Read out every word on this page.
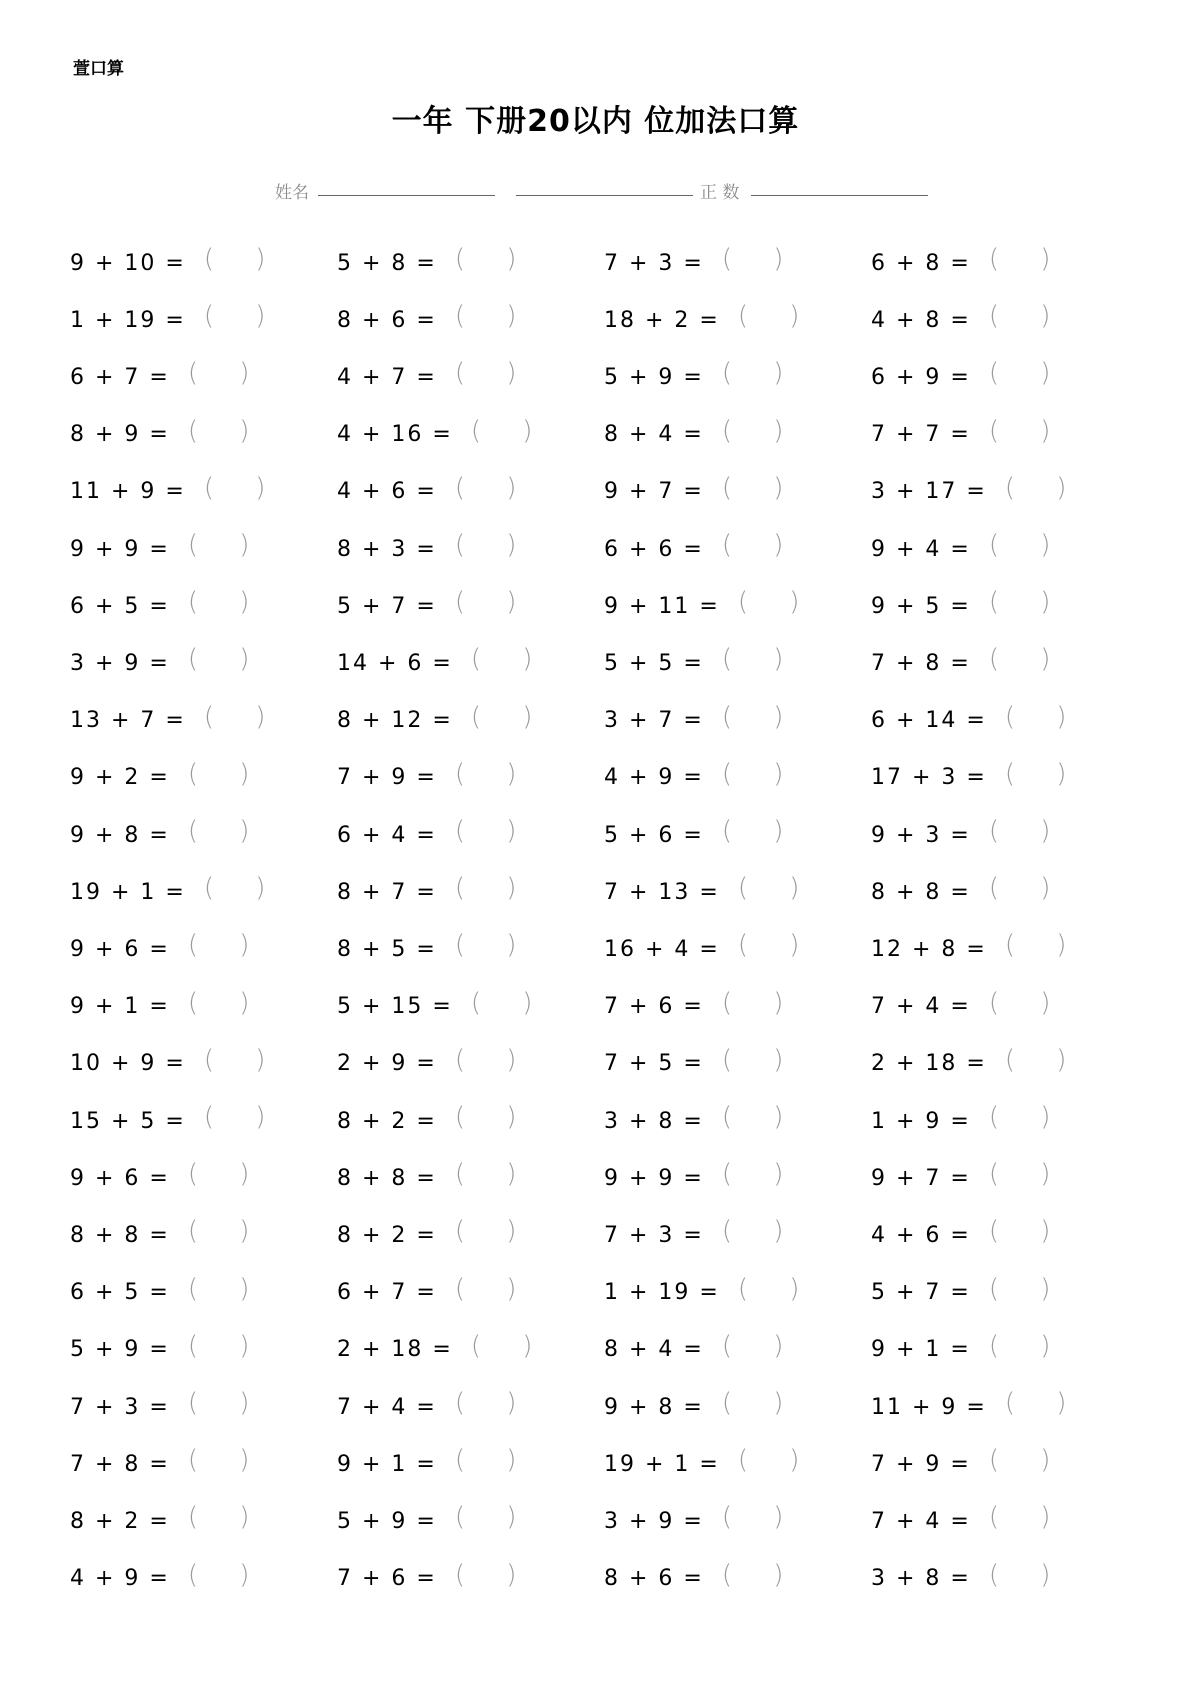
萱口算
一年 下册20以内 位加法口算
姓名	正 数
9 + 10 = (     )	5 + 8 = (     )	7 + 3 = (     )	6 + 8 = (     )
1 + 19 = (     )	8 + 6 = (     )	18 + 2 = (     )	4 + 8 = (     )
6 + 7 = (     )	4 + 7 = (     )	5 + 9 = (     )	6 + 9 = (     )
8 + 9 = (     )	4 + 16 = (     )	8 + 4 = (     )	7 + 7 = (     )
11 + 9 = (     )	4 + 6 = (     )	9 + 7 = (     )	3 + 17 = (     )
9 + 9 = (     )	8 + 3 = (     )	6 + 6 = (     )	9 + 4 = (     )
6 + 5 = (     )	5 + 7 = (     )	9 + 11 = (     )	9 + 5 = (     )
3 + 9 = (     )	14 + 6 = (     )	5 + 5 = (     )	7 + 8 = (     )
13 + 7 = (     )	8 + 12 = (     )	3 + 7 = (     )	6 + 14 = (     )
9 + 2 = (     )	7 + 9 = (     )	4 + 9 = (     )	17 + 3 = (     )
9 + 8 = (     )	6 + 4 = (     )	5 + 6 = (     )	9 + 3 = (     )
19 + 1 = (     )	8 + 7 = (     )	7 + 13 = (     )	8 + 8 = (     )
9 + 6 = (     )	8 + 5 = (     )	16 + 4 = (     )	12 + 8 = (     )
9 + 1 = (     )	5 + 15 = (     )	7 + 6 = (     )	7 + 4 = (     )
10 + 9 = (     )	2 + 9 = (     )	7 + 5 = (     )	2 + 18 = (     )
15 + 5 = (     )	8 + 2 = (     )	3 + 8 = (     )	1 + 9 = (     )
9 + 6 = (     )	8 + 8 = (     )	9 + 9 = (     )	9 + 7 = (     )
8 + 8 = (     )	8 + 2 = (     )	7 + 3 = (     )	4 + 6 = (     )
6 + 5 = (     )	6 + 7 = (     )	1 + 19 = (     )	5 + 7 = (     )
5 + 9 = (     )	2 + 18 = (     )	8 + 4 = (     )	9 + 1 = (     )
7 + 3 = (     )	7 + 4 = (     )	9 + 8 = (     )	11 + 9 = (     )
7 + 8 = (     )	9 + 1 = (     )	19 + 1 = (     )	7 + 9 = (     )
8 + 2 = (     )	5 + 9 = (     )	3 + 9 = (     )	7 + 4 = (     )
4 + 9 = (     )	7 + 6 = (     )	8 + 6 = (     )	3 + 8 = (     )
